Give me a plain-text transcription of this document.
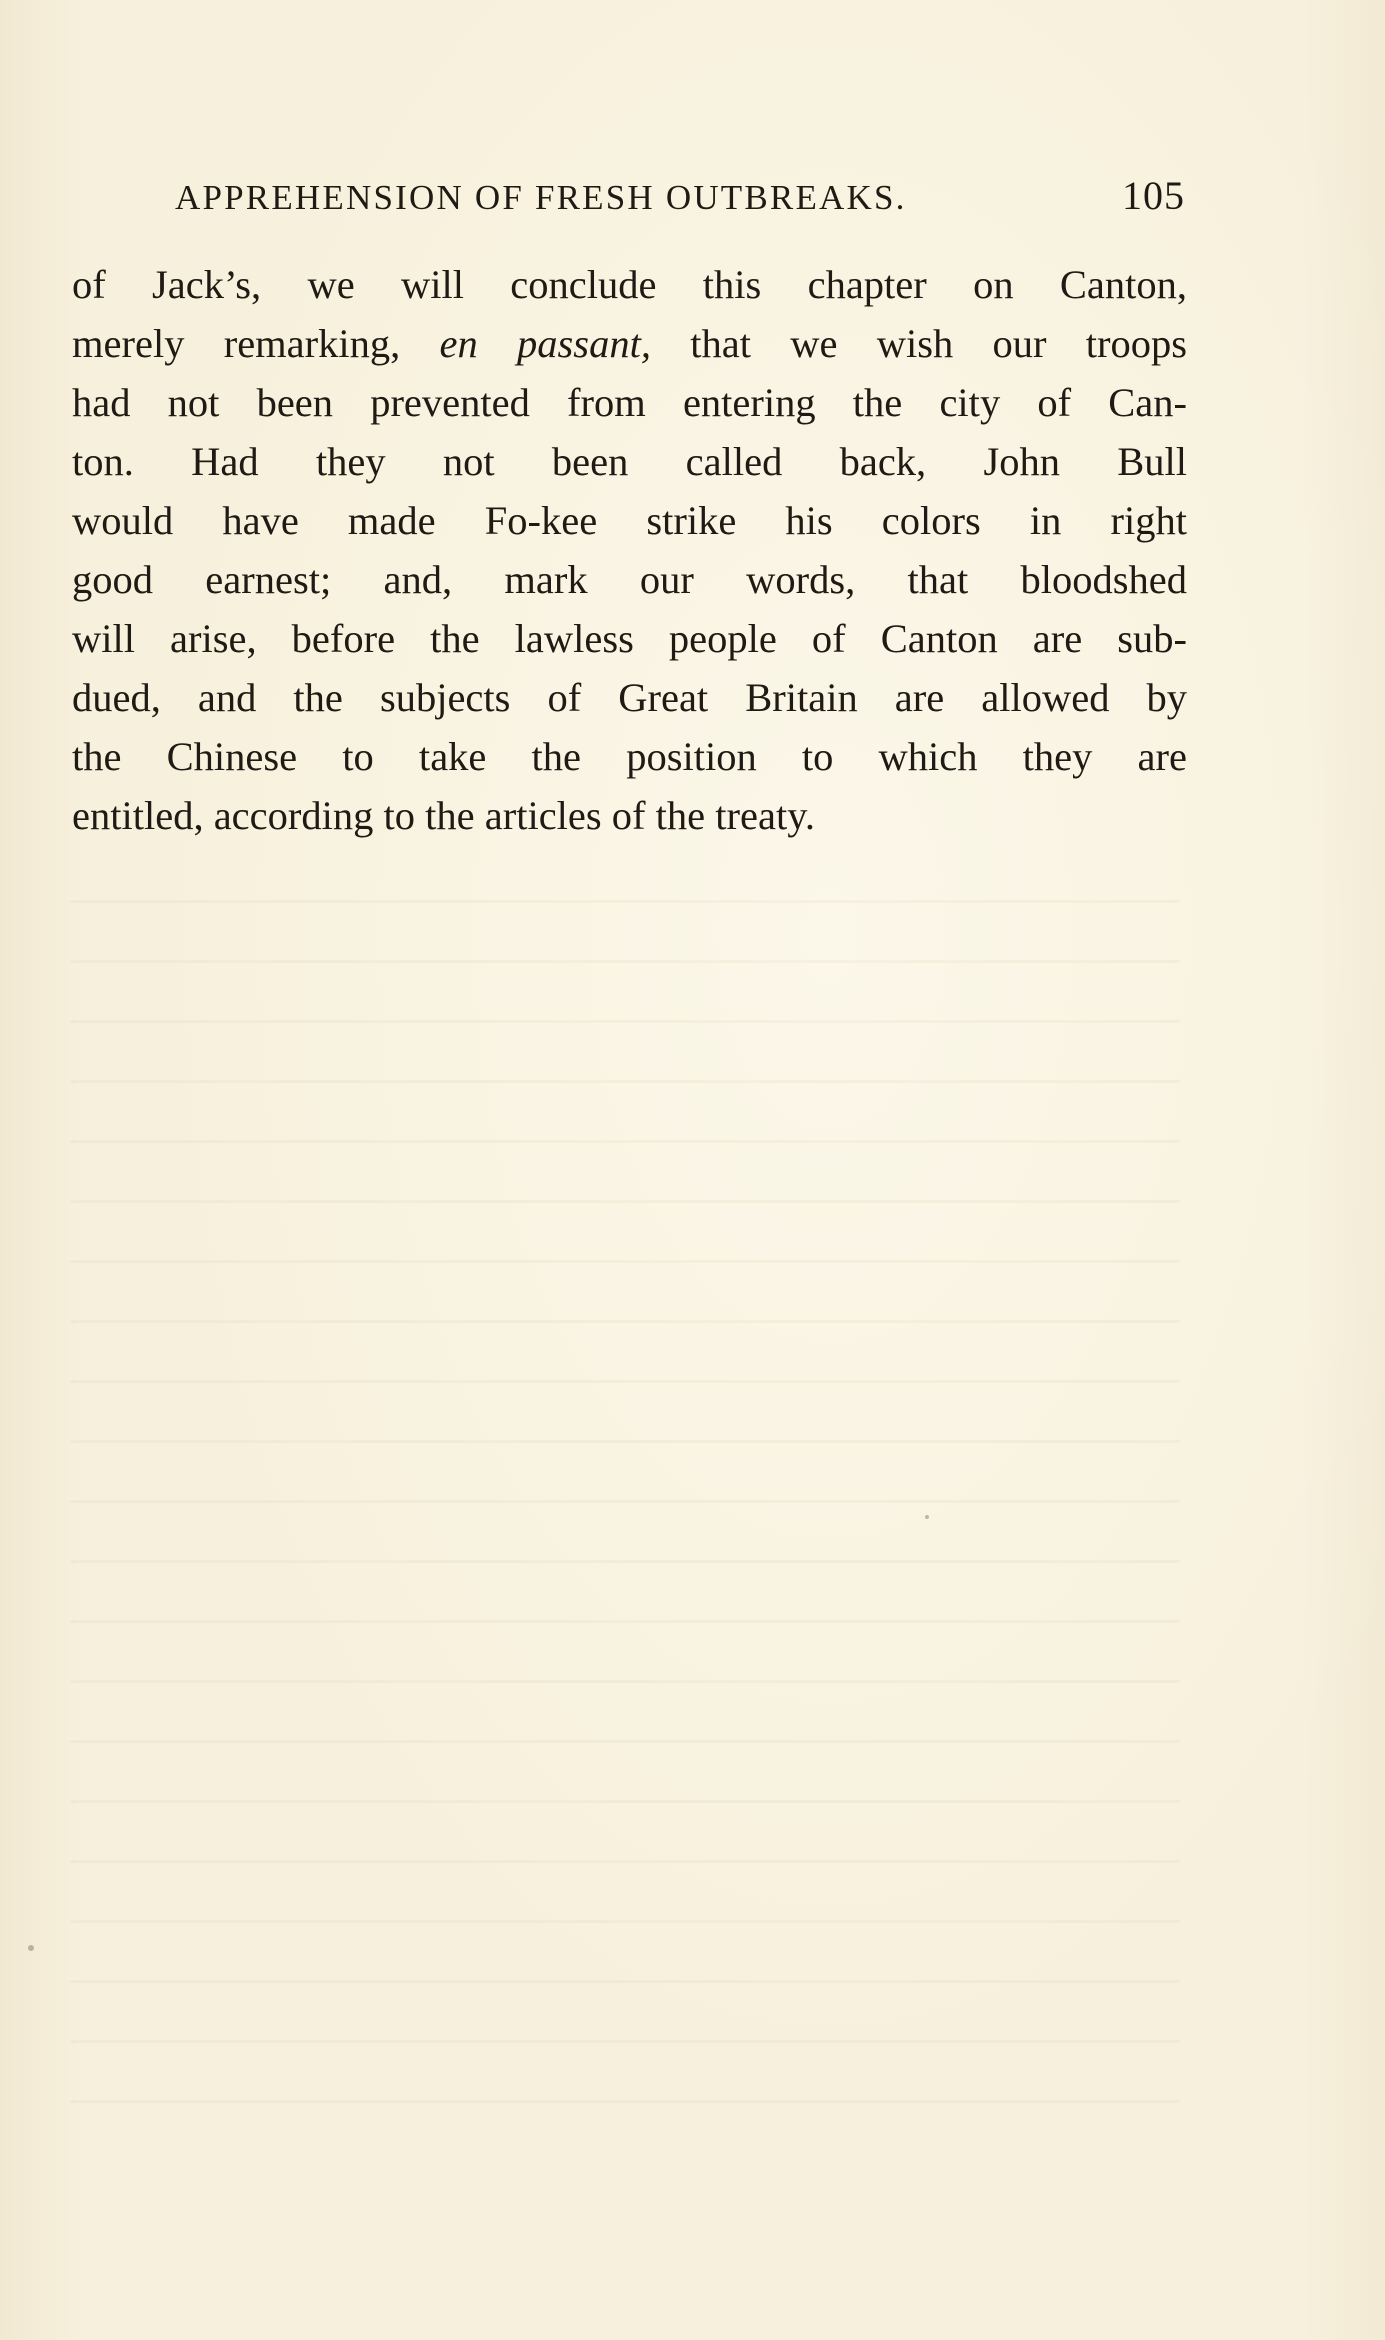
APPREHENSION OF FRESH OUTBREAKS.	105
of Jack’s, we will conclude this chapter on Canton,
merely remarking, en passant, that we wish our troops
had not been prevented from entering the city of Can-
ton. Had they not been called back, John Bull
would have made Fo-kee strike his colors in right
good earnest; and, mark our words, that bloodshed
will arise, before the lawless people of Canton are sub-
dued, and the subjects of Great Britain are allowed by
the Chinese to take the position to which they are
entitled, according to the articles of the treaty.
